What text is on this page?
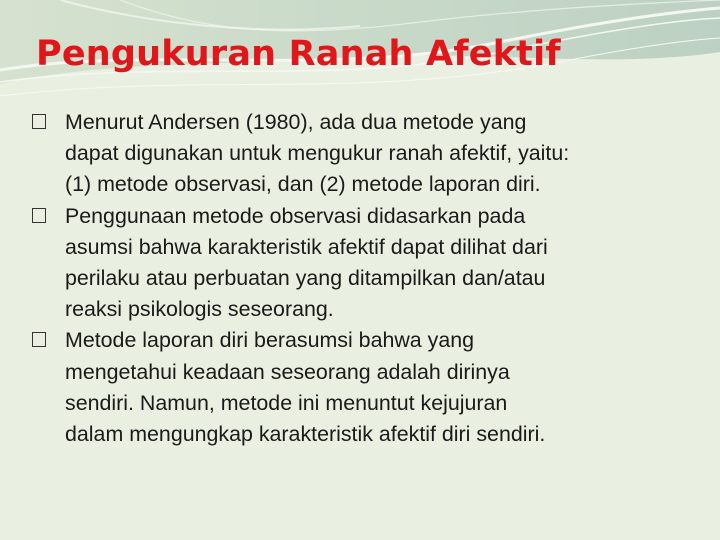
Pengukuran Ranah Afektif
Menurut Andersen (1980), ada dua metode yang
dapat digunakan untuk mengukur ranah afektif, yaitu:
(1) metode observasi, dan (2) metode laporan diri.
Penggunaan metode observasi didasarkan pada
asumsi bahwa karakteristik afektif dapat dilihat dari
perilaku atau perbuatan yang ditampilkan dan/atau
reaksi psikologis seseorang.
Metode laporan diri berasumsi bahwa yang
mengetahui keadaan seseorang adalah dirinya
sendiri. Namun, metode ini menuntut kejujuran
dalam mengungkap karakteristik afektif diri sendiri.
